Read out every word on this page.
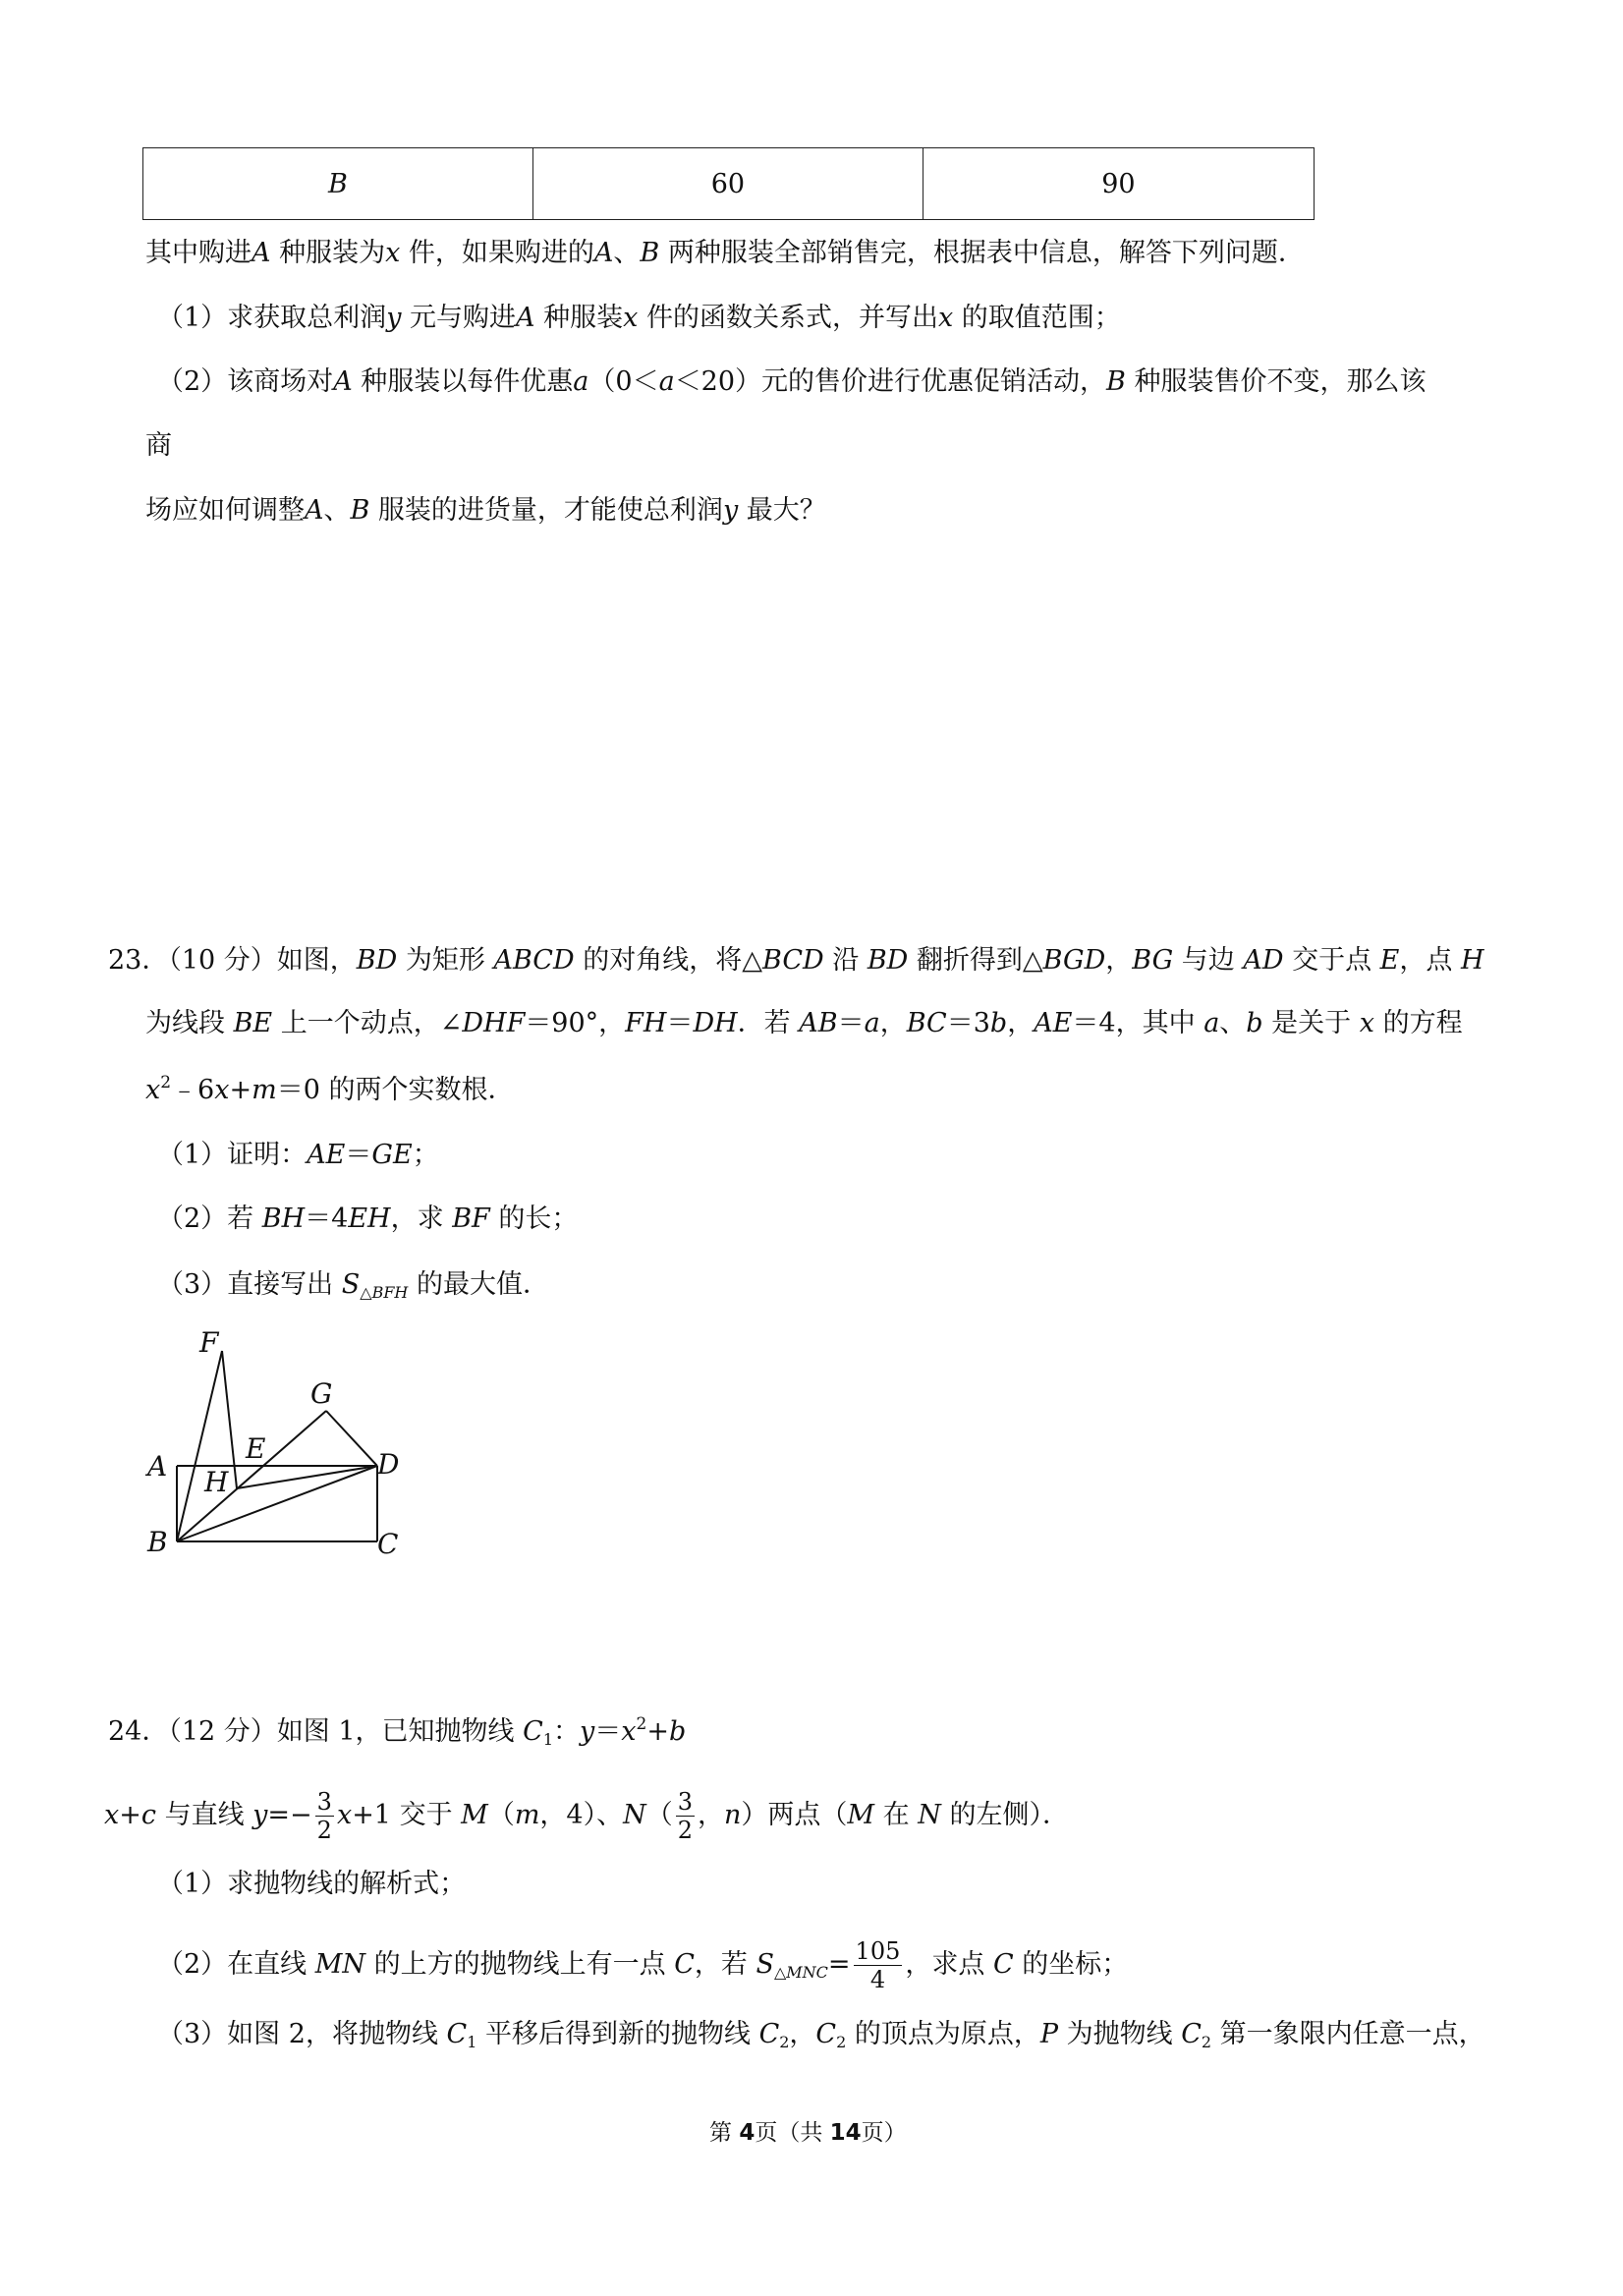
B	60	90
其中购进A 种服装为x 件，如果购进的A、B 两种服装全部销售完，根据表中信息，解答下列问题．
（1）求获取总利润y 元与购进A 种服装x 件的函数关系式，并写出x 的取值范围；
（2）该商场对A 种服装以每件优惠a（0＜a＜20）元的售价进行优惠促销活动，B 种服装售价不变，那么该
商
场应如何调整A、B 服装的进货量，才能使总利润y 最大？
23．（10 分）如图，BD 为矩形 ABCD 的对角线，将△BCD 沿 BD 翻折得到△BGD，BG 与边 AD 交于点 E，点 H
为线段 BE 上一个动点，∠DHF＝90°，FH＝DH．若 AB＝a，BC＝3b，AE＝4，其中 a、b 是关于 x 的方程
$x^2﹣6x+m=0$ 的两个实数根．
（1）证明：AE＝GE；
（2）若 BH＝4EH，求 BF 的长；
（3）直接写出 $S_{\triangle BFH}$ 的最大值．
F
G
E
A H
D
B	C
24．（12 分）如图 1，已知抛物线 $C_1$：$y=x^2+b$
x+c 与直线 $y=- \frac{3}{2} x+1$ 交于 M（m，4）、$N( \frac{3}{2}$ ，n）两点（M 在 N 的左侧）．
（1）求抛物线的解析式；
（2）在直线 MN 的上方的抛物线上有一点 C，若 $S_{\triangle MNC}= \frac{105}{4}$ ，求点 C 的坐标；
（3）如图 2，将抛物线 $C_1$ 平移后得到新的抛物线 $C_2$，$C_2$ 的顶点为原点，P 为抛物线 $C_2$ 第一象限内任意一点，
第 4页（共 14页）
